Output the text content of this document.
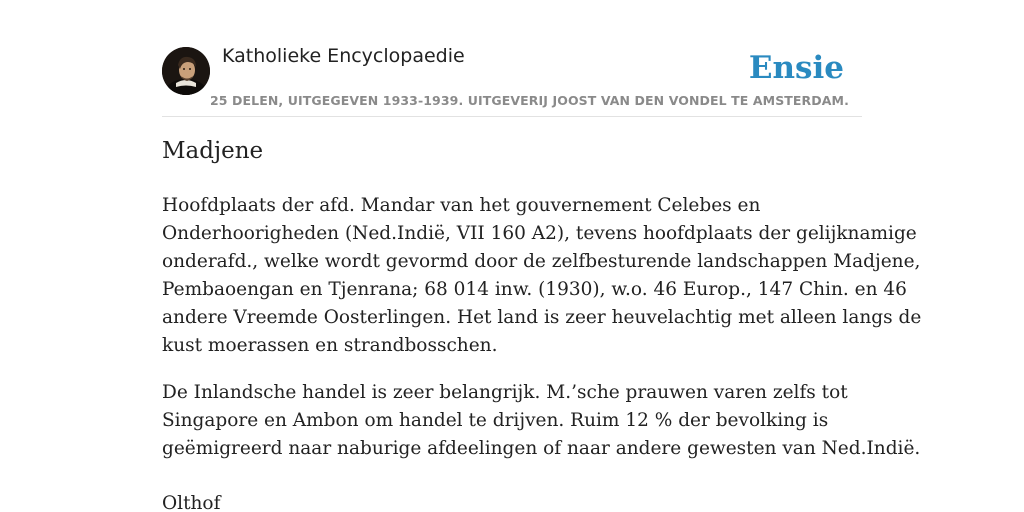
Katholieke Encyclopaedie
25 DELEN, UITGEGEVEN 1933-1939. UITGEVERIJ JOOST VAN DEN VONDEL TE AMSTERDAM.
Ensie
Madjene

Hoofdplaats der afd. Mandar van het gouvernement Celebes en

Onderhoorigheden (Ned.Indië, VII 160 A2), tevens hoofdplaats der gelijknamige

onderafd., welke wordt gevormd door de zelfbesturende landschappen Madjene,

Pembaoengan en Tjenrana; 68 014 inw. (1930), w.o. 46 Europ., 147 Chin. en 46

andere Vreemde Oosterlingen. Het land is zeer heuvelachtig met alleen langs de

kust moerassen en strandbosschen.

De Inlandsche handel is zeer belangrijk. M.’sche prauwen varen zelfs tot

Singapore en Ambon om handel te drijven. Ruim 12 % der bevolking is

geëmigreerd naar naburige afdeelingen of naar andere gewesten van Ned.Indië.

Olthof
